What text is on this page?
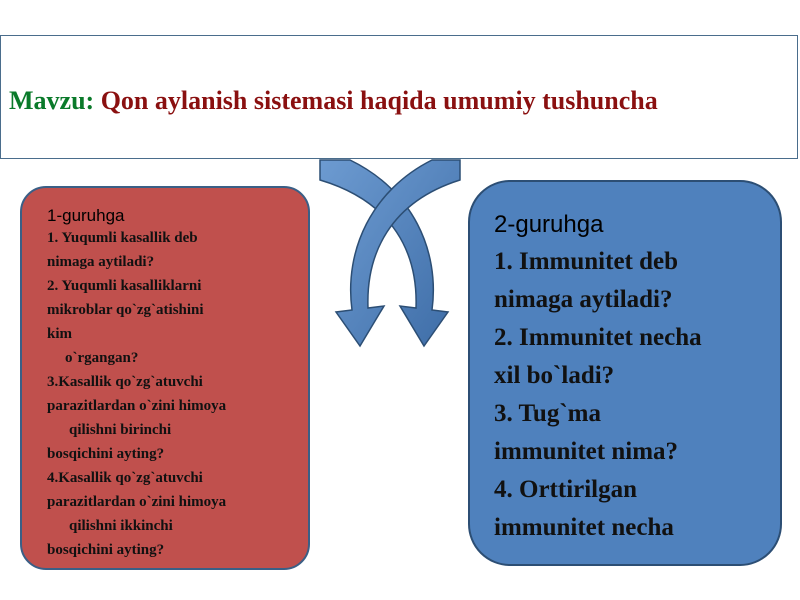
Mavzu: Qon aylanish sistemasi haqida umumiy tushuncha
1-guruhga
1. Yuqumli kasallik deb
nimaga aytiladi?
2. Yuqumli kasalliklarni
mikroblar qo`zg`atishini
kim
o`rgangan?
3.Kasallik qo`zg`atuvchi
parazitlardan o`zini himoya
qilishni birinchi
bosqichini ayting?
4.Kasallik qo`zg`atuvchi
parazitlardan o`zini himoya
qilishni ikkinchi
bosqichini ayting?
2-guruhga
1. Immunitet deb
nimaga aytiladi?
2. Immunitet necha
xil bo`ladi?
3. Tug`ma
immunitet nima?
4. Orttirilgan
immunitet necha
